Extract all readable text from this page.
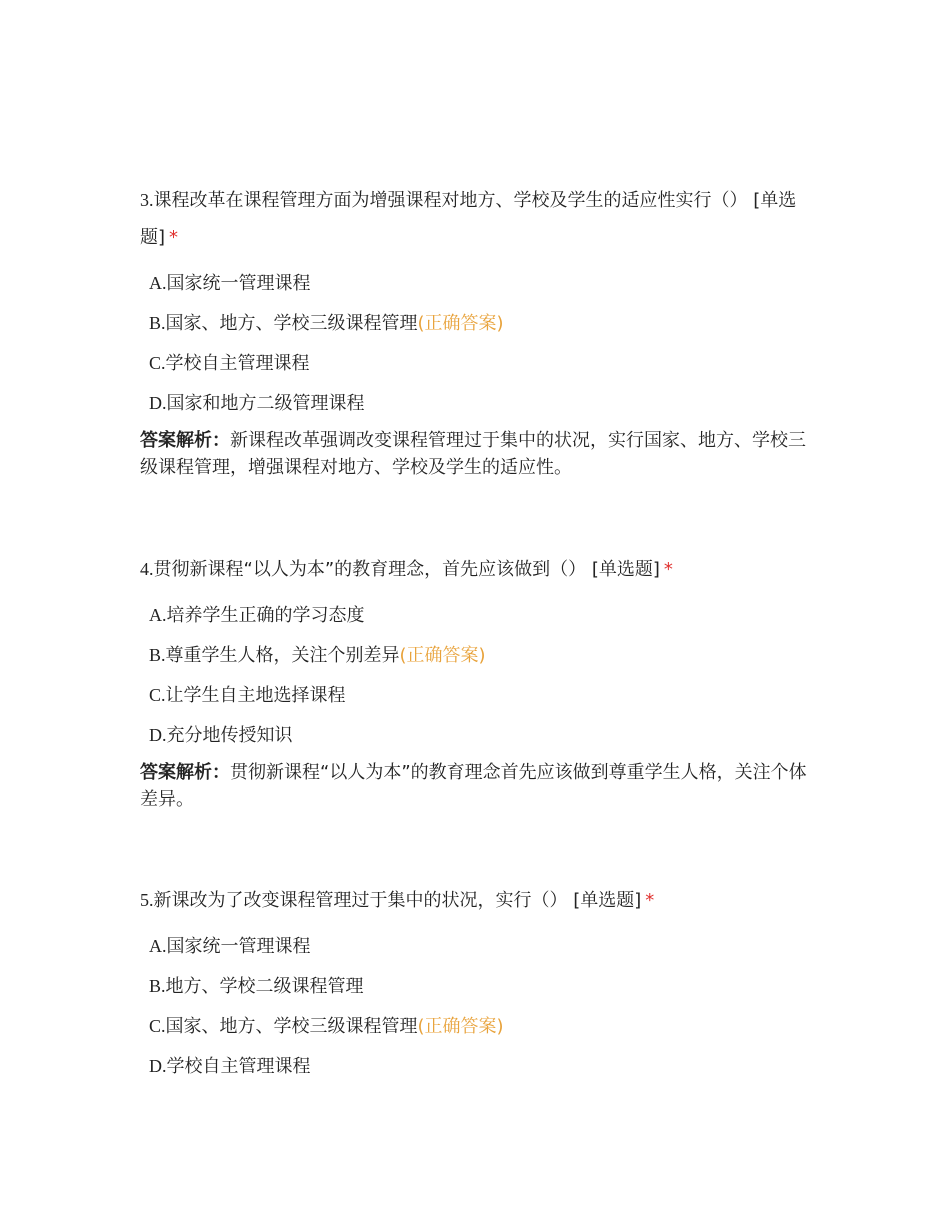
3.课程改革在课程管理方面为增强课程对地方、学校及学生的适应性实行（） [单选题] *

A.国家统一管理课程
B.国家、地方、学校三级课程管理(正确答案)
C.学校自主管理课程
D.国家和地方二级管理课程
答案解析：新课程改革强调改变课程管理过于集中的状况，实行国家、地方、学校三级课程管理，增强课程对地方、学校及学生的适应性。

4.贯彻新课程“以人为本”的教育理念，首先应该做到（） [单选题] *

A.培养学生正确的学习态度
B.尊重学生人格，关注个别差异(正确答案)
C.让学生自主地选择课程
D.充分地传授知识
答案解析：贯彻新课程“以人为本”的教育理念首先应该做到尊重学生人格，关注个体差异。

5.新课改为了改变课程管理过于集中的状况，实行（） [单选题] *

A.国家统一管理课程
B.地方、学校二级课程管理
C.国家、地方、学校三级课程管理(正确答案)
D.学校自主管理课程
